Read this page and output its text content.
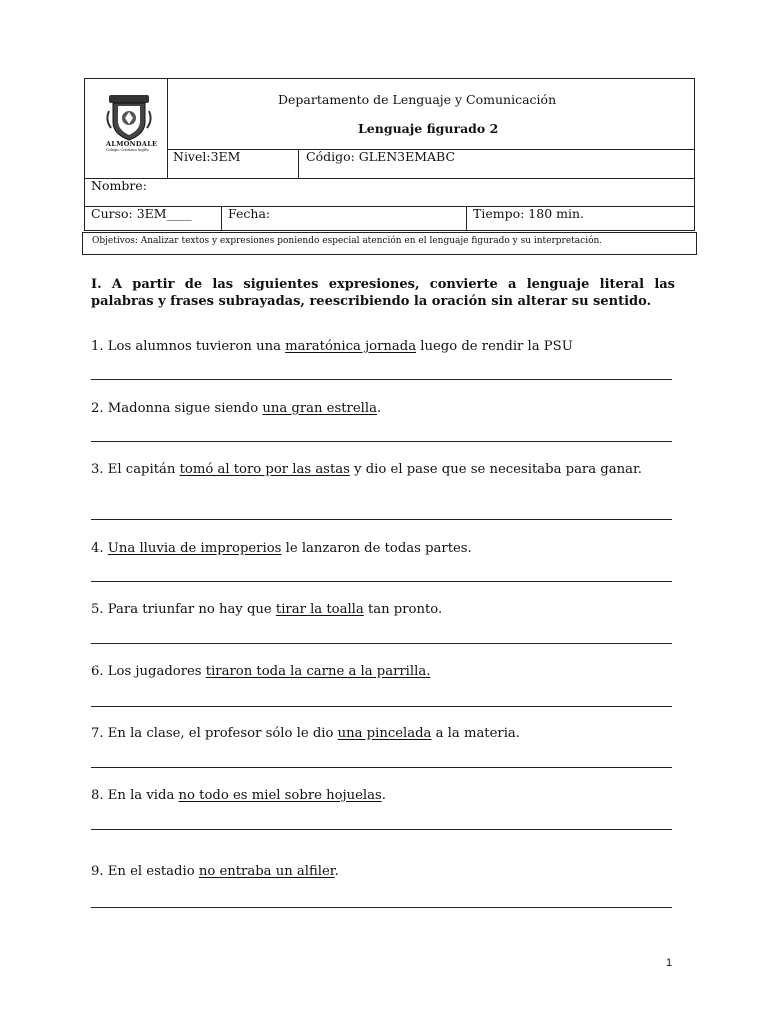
Departamento de Lenguaje y Comunicación
Lenguaje figurado 2
Nivel:3EM	Código: GLEN3EMABC
Nombre:
Curso: 3EM____	Fecha:	Tiempo: 180 min.
Objetivos: Analizar textos y expresiones poniendo especial atención en el lenguaje figurado y su interpretación.
ALMONDALE
Colegio Cristiano Inglés
I. A partir de las siguientes expresiones, convierte a lenguaje literal las palabras y frases subrayadas, reescribiendo la oración sin alterar su sentido.
1. Los alumnos tuvieron una maratónica jornada luego de rendir la PSU
2. Madonna sigue siendo una gran estrella.
3. El capitán tomó al toro por las astas y dio el pase que se necesitaba para ganar.
4. Una lluvia de improperios le lanzaron de todas partes.
5. Para triunfar no hay que tirar la toalla tan pronto.
6. Los jugadores tiraron toda la carne a la parrilla.
7. En la clase, el profesor sólo le dio una pincelada a la materia.
8. En la vida no todo es miel sobre hojuelas.
9. En el estadio no entraba un alfiler.
1
